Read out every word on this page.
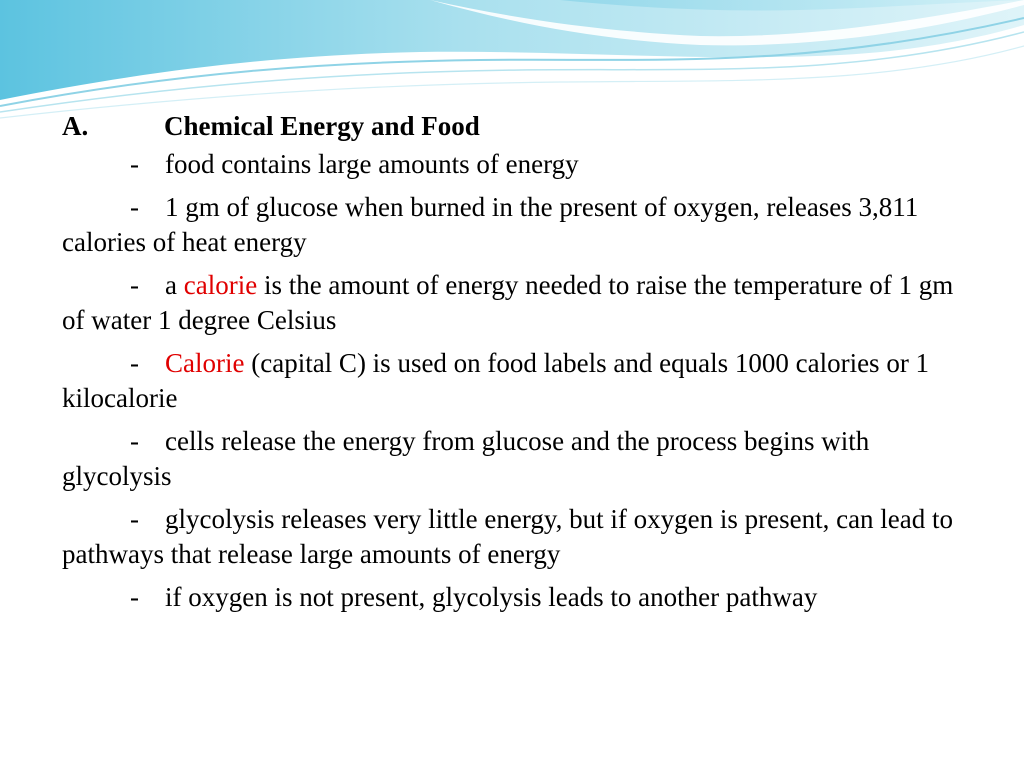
A.	Chemical Energy and Food
- food contains large amounts of energy
- 1 gm of glucose when burned in the present of oxygen, releases 3,811 calories of heat energy
- a calorie is the amount of energy needed to raise the temperature of 1 gm of water 1 degree Celsius
- Calorie (capital C) is used on food labels and equals 1000 calories or 1 kilocalorie
- cells release the energy from glucose and the process begins with glycolysis
- glycolysis releases very little energy, but if oxygen is present, can lead to pathways that release large amounts of energy
- if oxygen is not present, glycolysis leads to another pathway
